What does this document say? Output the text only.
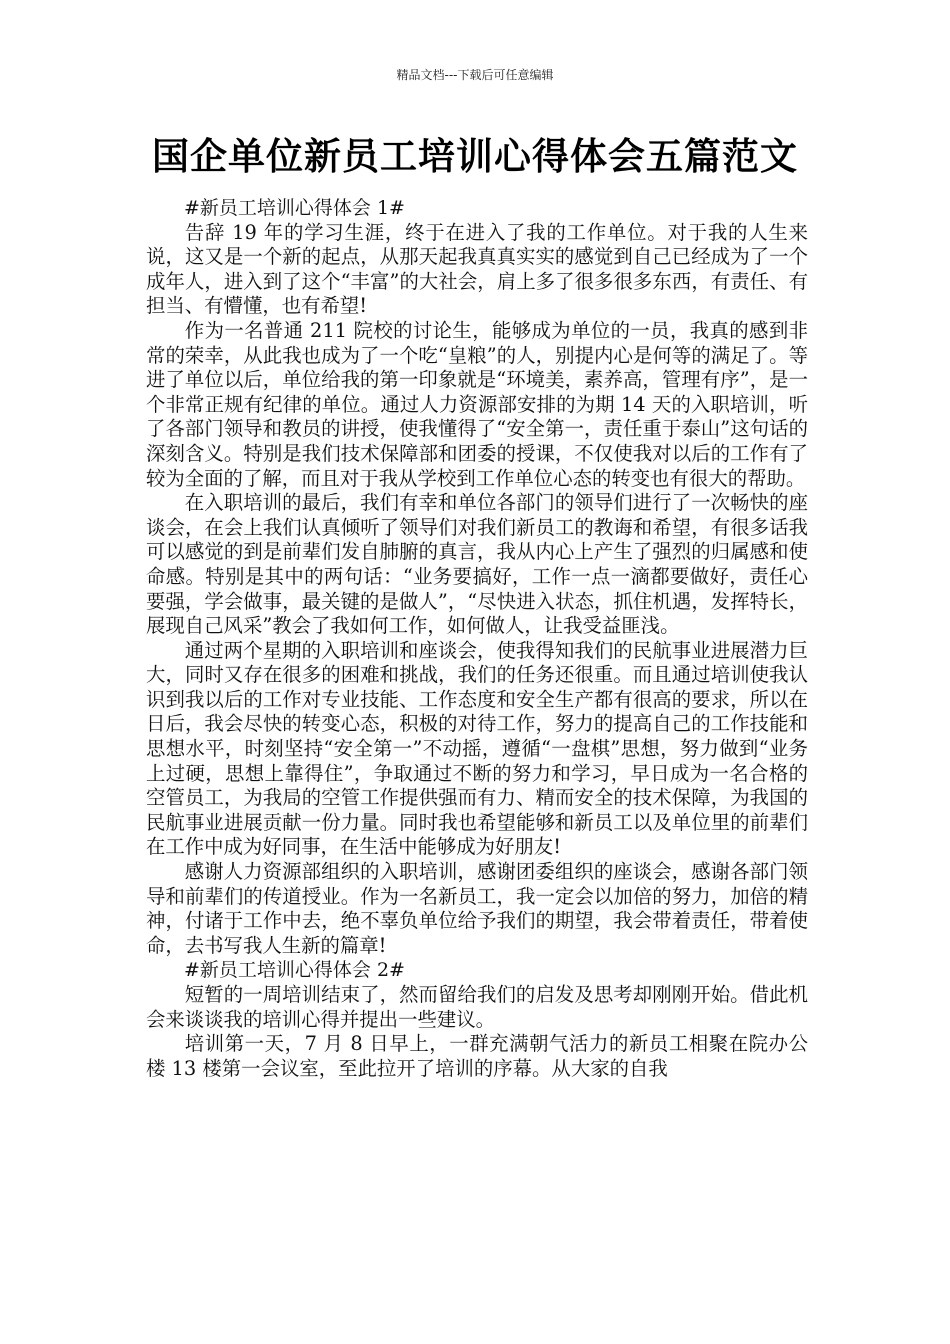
精品文档---下载后可任意编辑
国企单位新员工培训心得体会五篇范文

#新员工培训心得体会 1#

告辞 19 年的学习生涯，终于在进入了我的工作单位。对于我的人生来说，这又是一个新的起点，从那天起我真真实实的感觉到自己已经成为了一个成年人，进入到了这个“丰富”的大社会，肩上多了很多很多东西，有责任、有担当、有懵懂，也有希望!

作为一名普通 211 院校的讨论生，能够成为单位的一员，我真的感到非常的荣幸，从此我也成为了一个吃“皇粮”的人，别提内心是何等的满足了。等进了单位以后，单位给我的第一印象就是“环境美，素养高，管理有序”，是一个非常正规有纪律的单位。通过人力资源部安排的为期 14 天的入职培训，听了各部门领导和教员的讲授，使我懂得了“安全第一，责任重于泰山”这句话的深刻含义。特别是我们技术保障部和团委的授课，不仅使我对以后的工作有了较为全面的了解，而且对于我从学校到工作单位心态的转变也有很大的帮助。

在入职培训的最后，我们有幸和单位各部门的领导们进行了一次畅快的座谈会，在会上我们认真倾听了领导们对我们新员工的教诲和希望，有很多话我可以感觉的到是前辈们发自肺腑的真言，我从内心上产生了强烈的归属感和使命感。特别是其中的两句话：“业务要搞好，工作一点一滴都要做好，责任心要强，学会做事，最关键的是做人”，“尽快进入状态，抓住机遇，发挥特长，展现自己风采”教会了我如何工作，如何做人，让我受益匪浅。

通过两个星期的入职培训和座谈会，使我得知我们的民航事业进展潜力巨大，同时又存在很多的困难和挑战，我们的任务还很重。而且通过培训使我认识到我以后的工作对专业技能、工作态度和安全生产都有很高的要求，所以在日后，我会尽快的转变心态，积极的对待工作，努力的提高自己的工作技能和思想水平，时刻坚持“安全第一”不动摇，遵循“一盘棋”思想，努力做到“业务上过硬，思想上靠得住”，争取通过不断的努力和学习，早日成为一名合格的空管员工，为我局的空管工作提供强而有力、精而安全的技术保障，为我国的民航事业进展贡献一份力量。同时我也希望能够和新员工以及单位里的前辈们在工作中成为好同事，在生活中能够成为好朋友!

感谢人力资源部组织的入职培训，感谢团委组织的座谈会，感谢各部门领导和前辈们的传道授业。作为一名新员工，我一定会以加倍的努力，加倍的精神，付诸于工作中去，绝不辜负单位给予我们的期望，我会带着责任，带着使命，去书写我人生新的篇章!

#新员工培训心得体会 2#

短暂的一周培训结束了，然而留给我们的启发及思考却刚刚开始。借此机会来谈谈我的培训心得并提出一些建议。

培训第一天，7 月 8 日早上，一群充满朝气活力的新员工相聚在院办公楼 13 楼第一会议室，至此拉开了培训的序幕。从大家的自我
